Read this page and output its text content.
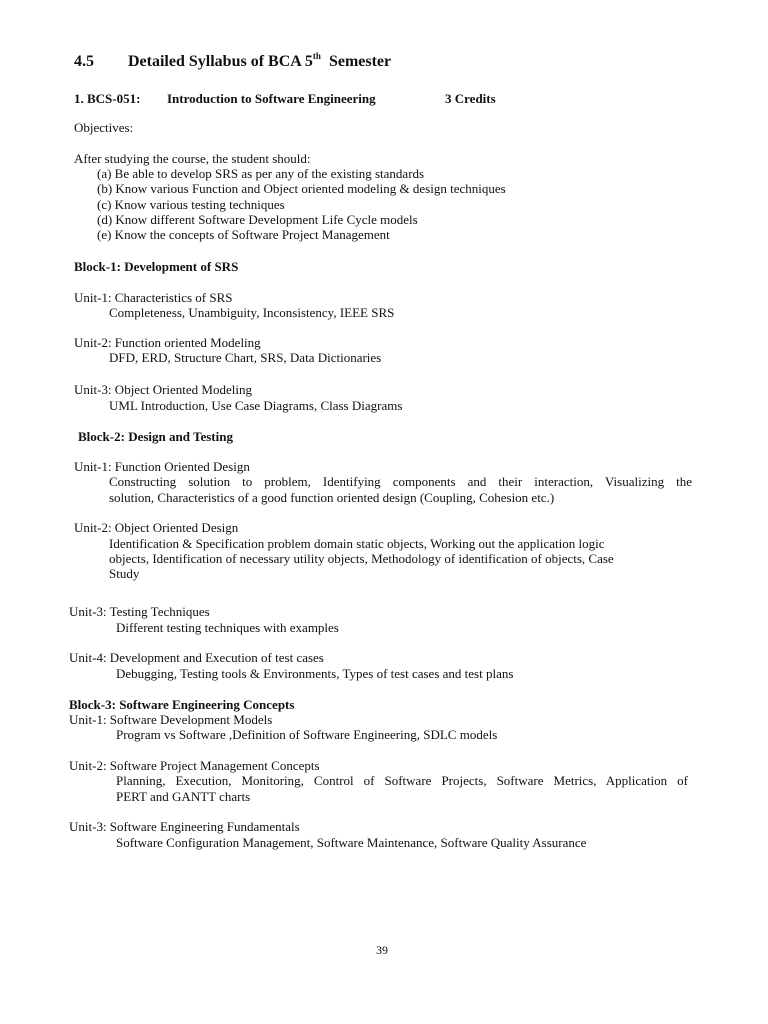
4.5 Detailed Syllabus of BCA 5th Semester
1. BCS-051: Introduction to Software Engineering	3 Credits
Objectives:
After studying the course, the student should:
(a) Be able to develop SRS as per any of the existing standards
(b) Know various Function and Object oriented modeling & design techniques
(c) Know various testing techniques
(d) Know different Software Development Life Cycle models
(e) Know the concepts of Software Project Management
Block-1: Development of SRS
Unit-1: Characteristics of SRS
Completeness, Unambiguity, Inconsistency, IEEE SRS
Unit-2: Function oriented Modeling
DFD, ERD, Structure Chart, SRS, Data Dictionaries
Unit-3: Object Oriented Modeling
UML Introduction, Use Case Diagrams, Class Diagrams
Block-2: Design and Testing
Unit-1: Function Oriented Design
Constructing solution to problem, Identifying components and their interaction, Visualizing the
solution, Characteristics of a good function oriented design (Coupling, Cohesion etc.)
Unit-2: Object Oriented Design
Identification & Specification problem domain static objects, Working out the application logic
objects, Identification of necessary utility objects, Methodology of identification of objects, Case
Study
Unit-3: Testing Techniques
Different testing techniques with examples
Unit-4: Development and Execution of test cases
Debugging, Testing tools & Environments, Types of test cases and test plans
Block-3: Software Engineering Concepts
Unit-1: Software Development Models
Program vs Software ,Definition of Software Engineering, SDLC models
Unit-2: Software Project Management Concepts
Planning, Execution, Monitoring, Control of Software Projects, Software Metrics, Application of
PERT and GANTT charts
Unit-3: Software Engineering Fundamentals
Software Configuration Management, Software Maintenance, Software Quality Assurance
39
